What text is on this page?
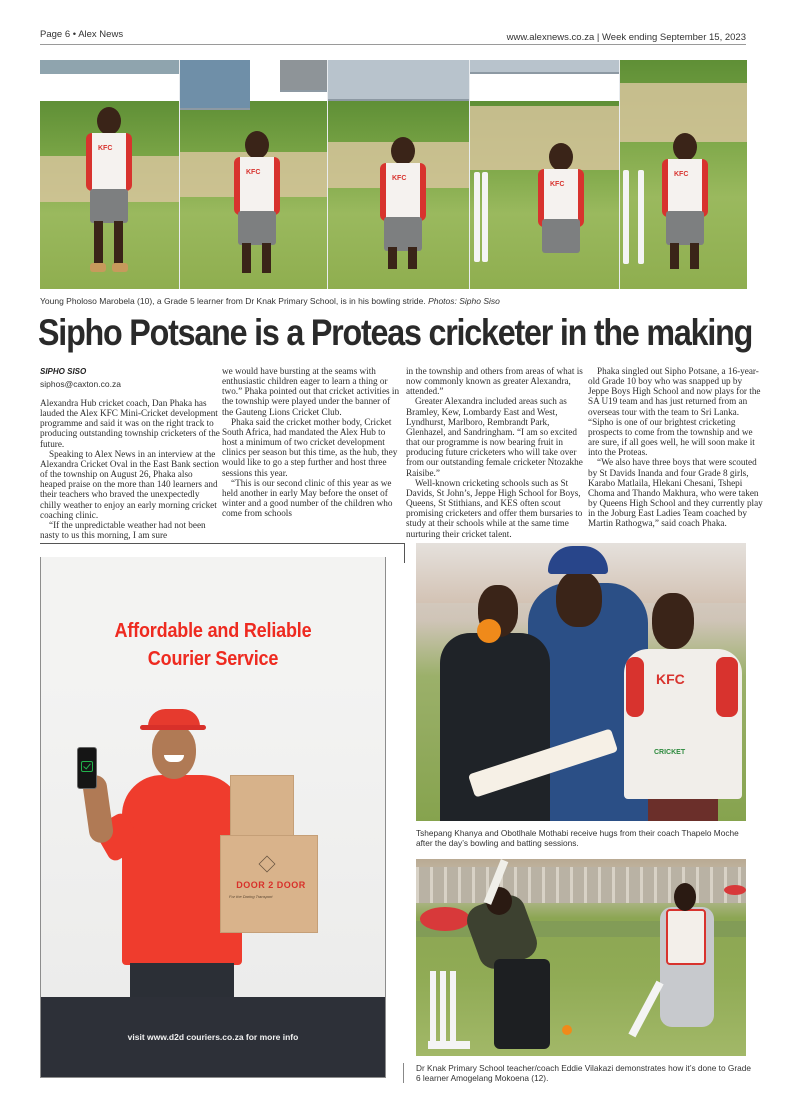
Page 6 • Alex News	www.alexnews.co.za | Week ending September 15, 2023
KFC
KFC
KFC
KFC
KFC
Young Pholoso Marobela (10), a Grade 5 learner from Dr Knak Primary School, is in his bowling stride. Photos: Sipho Siso
Sipho Potsane is a Proteas cricketer in the making
SIPHO SISO
siphos@caxton.co.za

Alexandra Hub cricket coach, Dan Phaka has lauded the Alex KFC Mini-Cricket development programme and said it was on the right track to producing outstanding township cricketers of the future.

Speaking to Alex News in an interview at the Alexandra Cricket Oval in the East Bank section of the township on August 26, Phaka also heaped praise on the more than 140 learners and their teachers who braved the unexpectedly chilly weather to enjoy an early morning cricket coaching clinic.

“If the unpredictable weather had not been nasty to us this morning, I am sure

we would have bursting at the seams with enthusiastic children eager to learn a thing or two.” Phaka pointed out that cricket activities in the township were played under the banner of the Gauteng Lions Cricket Club.

Phaka said the cricket mother body, Cricket South Africa, had mandated the Alex Hub to host a minimum of two cricket development clinics per season but this time, as the hub, they would like to go a step further and host three sessions this year.

“This is our second clinic of this year as we held another in early May before the onset of winter and a good number of the children who come from schools

in the township and others from areas of what is now commonly known as greater Alexandra, attended.”

Greater Alexandra included areas such as Bramley, Kew, Lombardy East and West, Lyndhurst, Marlboro, Rembrandt Park, Glenhazel, and Sandringham. “I am so excited that our programme is now bearing fruit in producing future cricketers who will take over from our outstanding female cricketer Ntozakhe Raisibe.”

Well-known cricketing schools such as St Davids, St John’s, Jeppe High School for Boys, Queens, St Stithians, and KES often scout promising cricketers and offer them bursaries to study at their schools while at the same time nurturing their cricket talent.

Phaka singled out Sipho Potsane, a 16-year-old Grade 10 boy who was snapped up by Jeppe Boys High School and now plays for the SA U19 team and has just returned from an overseas tour with the team to Sri Lanka. “Sipho is one of our brightest cricketing prospects to come from the township and we are sure, if all goes well, he will soon make it into the Proteas.

“We also have three boys that were scouted by St Davids Inanda and four Grade 8 girls, Karabo Matlaila, Hlekani Chesani, Tshepi Choma and Thando Makhura, who were taken by Queens High School and they currently play in the Joburg East Ladies Team coached by Martin Rathogwa,” said coach Phaka.

Affordable and Reliable
Courier Service
DOOR 2 DOOR
For the Daring Transport
visit www.d2d couriers.co.za for more info
KFC
CRICKET
Tshepang Khanya and Obotlhale Mothabi receive hugs from their coach Thapelo Moche after the day’s bowling and batting sessions.
Dr Knak Primary School teacher/coach Eddie Vilakazi demonstrates how it’s done to Grade 6 learner Amogelang Mokoena (12).
